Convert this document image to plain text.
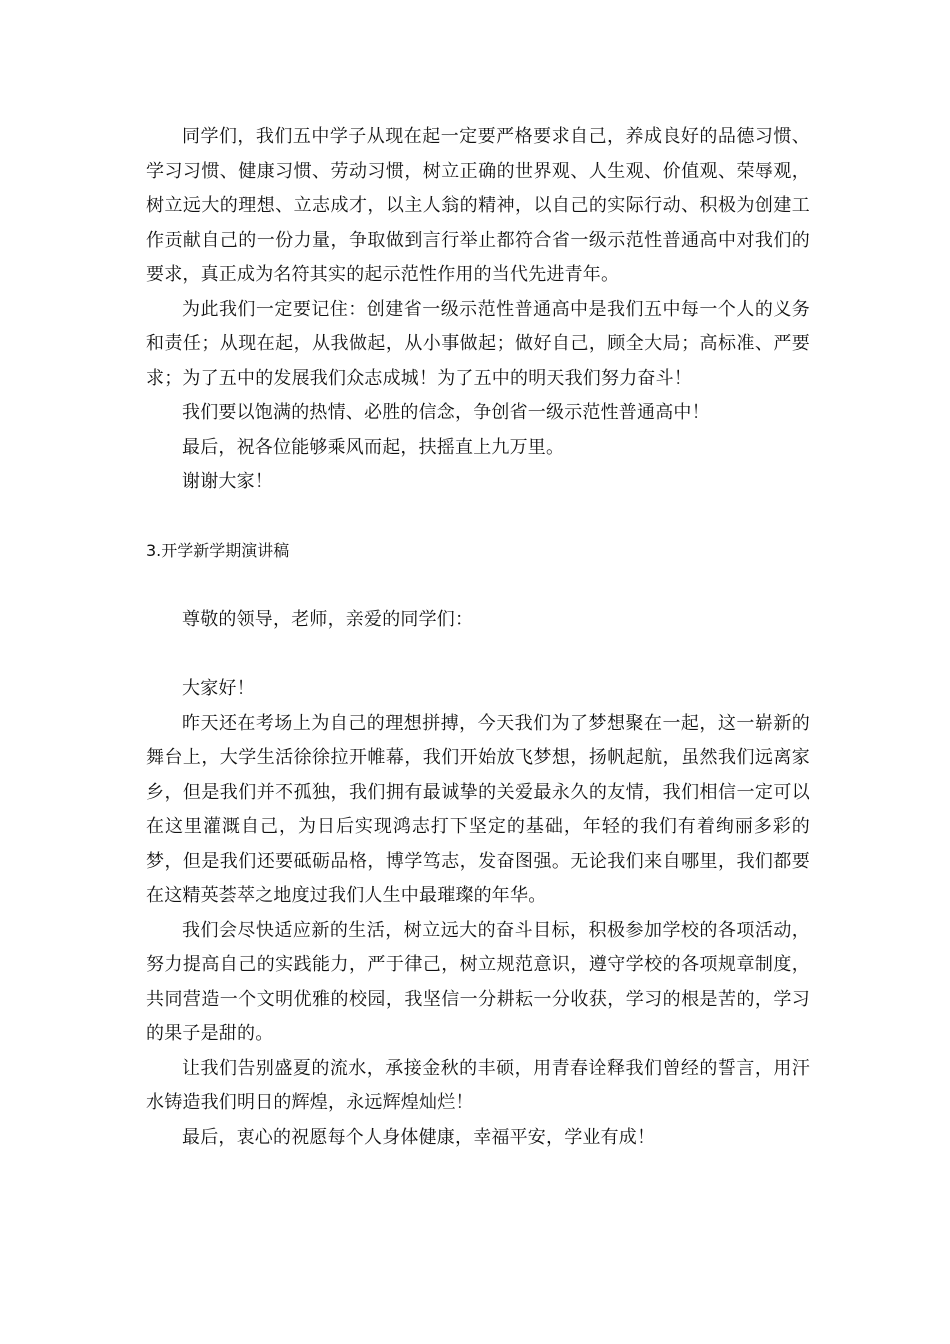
同学们，我们五中学子从现在起一定要严格要求自己，养成良好的品德习惯、学习习惯、健康习惯、劳动习惯，树立正确的世界观、人生观、价值观、荣辱观，树立远大的理想、立志成才，以主人翁的精神，以自己的实际行动、积极为创建工作贡献自己的一份力量，争取做到言行举止都符合省一级示范性普通高中对我们的要求，真正成为名符其实的起示范性作用的当代先进青年。

为此我们一定要记住：创建省一级示范性普通高中是我们五中每一个人的义务和责任；从现在起，从我做起，从小事做起；做好自己，顾全大局；高标准、严要求；为了五中的发展我们众志成城！为了五中的明天我们努力奋斗！

我们要以饱满的热情、必胜的信念，争创省一级示范性普通高中！

最后，祝各位能够乘风而起，扶摇直上九万里。

谢谢大家！

3.开学新学期演讲稿

尊敬的领导，老师，亲爱的同学们：

大家好！

昨天还在考场上为自己的理想拼搏，今天我们为了梦想聚在一起，这一崭新的舞台上，大学生活徐徐拉开帷幕，我们开始放飞梦想，扬帆起航，虽然我们远离家乡，但是我们并不孤独，我们拥有最诚挚的关爱最永久的友情，我们相信一定可以在这里灌溉自己，为日后实现鸿志打下坚定的基础，年轻的我们有着绚丽多彩的梦，但是我们还要砥砺品格，博学笃志，发奋图强。无论我们来自哪里，我们都要在这精英荟萃之地度过我们人生中最璀璨的年华。

我们会尽快适应新的生活，树立远大的奋斗目标，积极参加学校的各项活动，努力提高自己的实践能力，严于律己，树立规范意识，遵守学校的各项规章制度，共同营造一个文明优雅的校园，我坚信一分耕耘一分收获，学习的根是苦的，学习的果子是甜的。

让我们告别盛夏的流水，承接金秋的丰硕，用青春诠释我们曾经的誓言，用汗水铸造我们明日的辉煌，永远辉煌灿烂！

最后，衷心的祝愿每个人身体健康，幸福平安，学业有成！
